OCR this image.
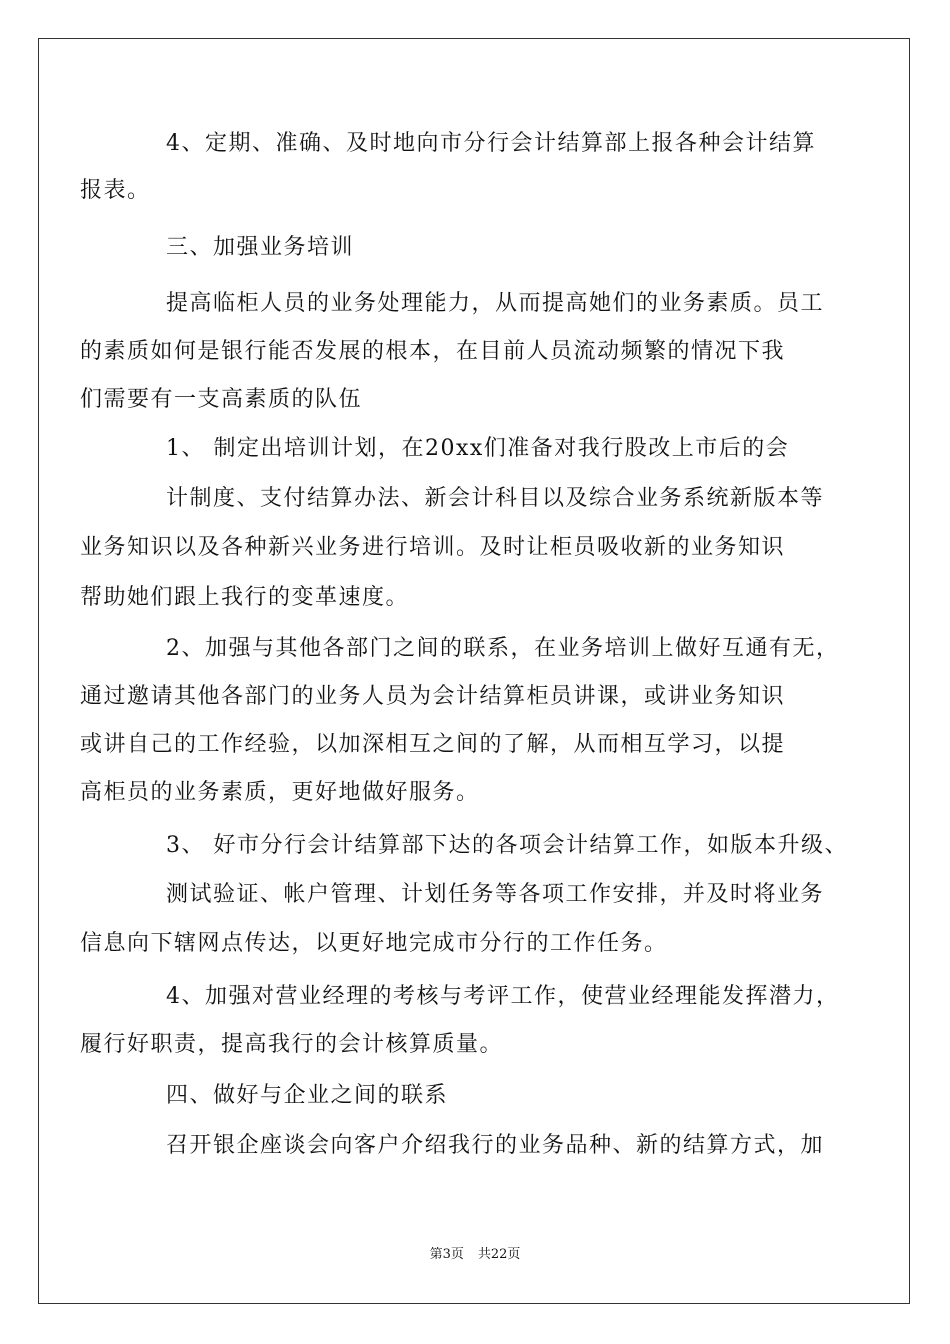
4、定期、准确、及时地向市分行会计结算部上报各种会计结算
报表。
三、加强业务培训
提高临柜人员的业务处理能力，从而提高她们的业务素质。员工
的素质如何是银行能否发展的根本，在目前人员流动频繁的情况下我
们需要有一支高素质的队伍
1、 制定出培训计划，在20xx们准备对我行股改上市后的会
计制度、支付结算办法、新会计科目以及综合业务系统新版本等
业务知识以及各种新兴业务进行培训。及时让柜员吸收新的业务知识
帮助她们跟上我行的变革速度。
2、加强与其他各部门之间的联系，在业务培训上做好互通有无，
通过邀请其他各部门的业务人员为会计结算柜员讲课，或讲业务知识
或讲自己的工作经验，以加深相互之间的了解，从而相互学习，以提
高柜员的业务素质，更好地做好服务。
3、 好市分行会计结算部下达的各项会计结算工作，如版本升级、
测试验证、帐户管理、计划任务等各项工作安排，并及时将业务
信息向下辖网点传达，以更好地完成市分行的工作任务。
4、加强对营业经理的考核与考评工作，使营业经理能发挥潜力，
履行好职责，提高我行的会计核算质量。
四、做好与企业之间的联系
召开银企座谈会向客户介绍我行的业务品种、新的结算方式，加
第3页 共22页
